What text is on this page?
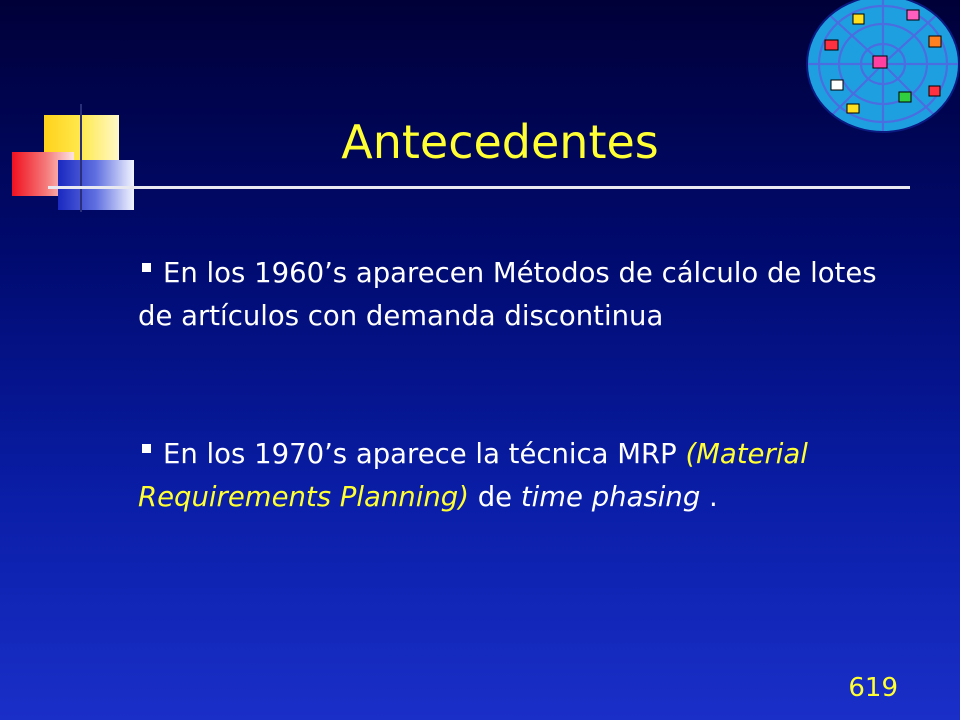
Antecedentes

En los 1960’s aparecen Métodos de cálculo de lotes de artículos con demanda discontinua

En los 1970’s aparece la técnica MRP (Material Requirements Planning) de time phasing .

619
